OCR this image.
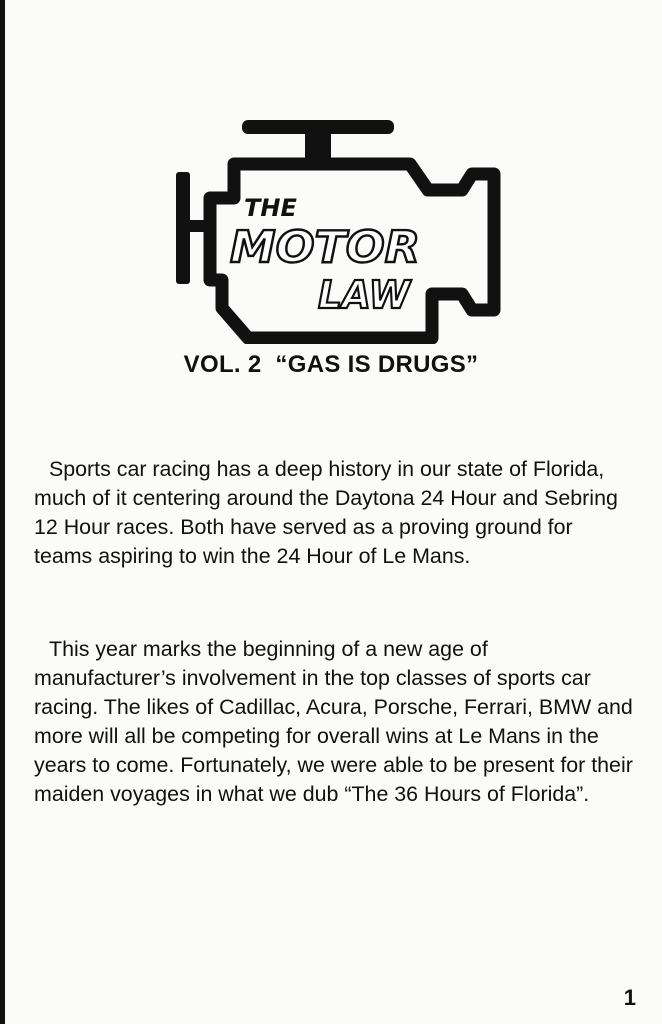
THE
MOTOR
LAW
VOL. 2  “GAS IS DRUGS”

Sports car racing has a deep history in our state of Florida, much of it centering around the Daytona 24 Hour and Sebring 12 Hour races. Both have served as a proving ground for teams aspiring to win the 24 Hour of Le Mans.

This year marks the beginning of a new age of manufacturer’s involvement in the top classes of sports car racing. The likes of Cadillac, Acura, Porsche, Ferrari, BMW and more will all be competing for overall wins at Le Mans in the years to come. Fortunately, we were able to be present for their maiden voyages in what we dub “The 36 Hours of Florida”.

1
